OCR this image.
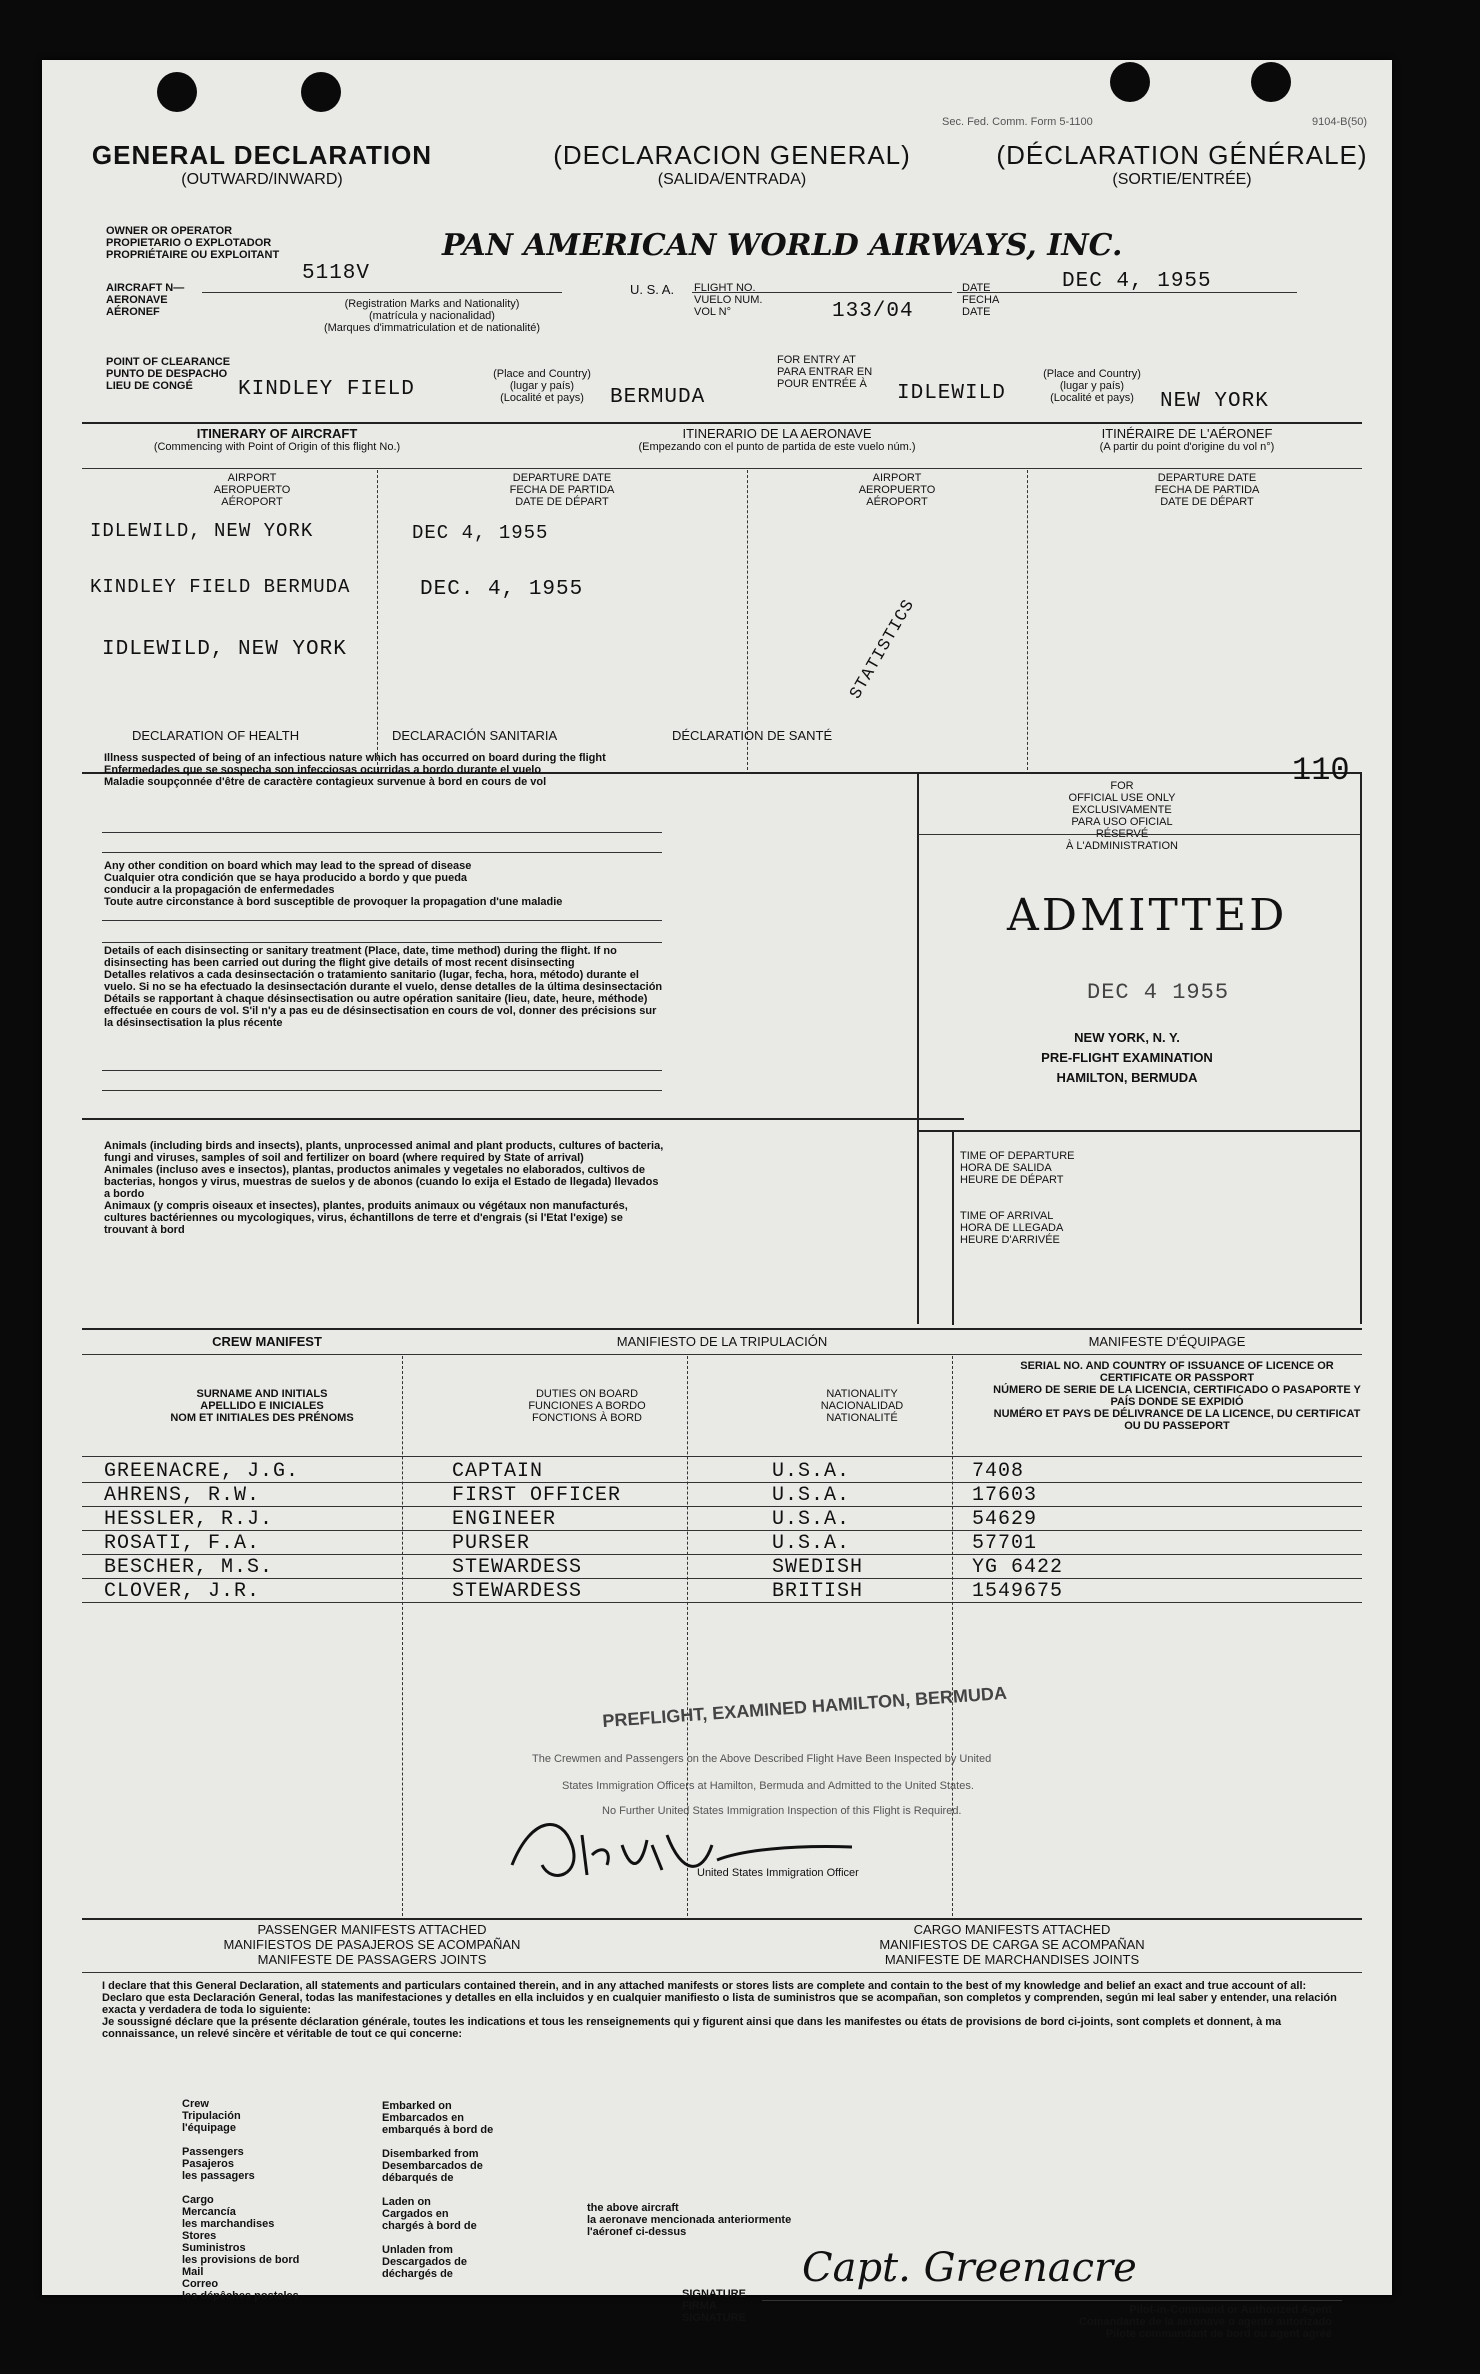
Sec. Fed. Comm. Form 5-1100	9104-B(50)
GENERAL DECLARATION
(OUTWARD/INWARD)
(DECLARACION GENERAL)
(SALIDA/ENTRADA)
(DÉCLARATION GÉNÉRALE)
(SORTIE/ENTRÉE)
OWNER OR OPERATOR
PROPIETARIO O EXPLOTADOR
PROPRIÉTAIRE OU EXPLOITANT	PAN AMERICAN WORLD AIRWAYS, INC.
AIRCRAFT N—
AERONAVE
AÉRONEF
5118V
(Registration Marks and Nationality)
(matrícula y nacionalidad)
(Marques d'immatriculation et de nationalité)
U. S. A. FLIGHT NO.
VUELO NUM.
VOL N°	133/04
DATE
FECHA
DATE
DEC 4, 1955
POINT OF CLEARANCE
PUNTO DE DESPACHO
LIEU DE CONGÉ	KINDLEY FIELD
(Place and Country)
(lugar y país)
(Localité et pays)	BERMUDA
FOR ENTRY AT
PARA ENTRAR EN
POUR ENTRÉE À IDLEWILD
(Place and Country)
(lugar y país)
(Localité et pays)	NEW YORK
ITINERARY OF AIRCRAFT
(Commencing with Point of Origin of this flight No.)
ITINERARIO DE LA AERONAVE
(Empezando con el punto de partida de este vuelo núm.)
ITINÉRAIRE DE L'AÉRONEF
(A partir du point d'origine du vol n°)
AIRPORT
AEROPUERTO
AÉROPORT
DEPARTURE DATE
FECHA DE PARTIDA
DATE DE DÉPART
AIRPORT
AEROPUERTO
AÉROPORT
DEPARTURE DATE
FECHA DE PARTIDA
DATE DE DÉPART
IDLEWILD, NEW YORK	DEC 4, 1955
KINDLEY FIELD BERMUDA	DEC. 4, 1955
IDLEWILD, NEW YORK	STATISTICS
DECLARATION OF HEALTH	DECLARACIÓN SANITARIA	DÉCLARATION DE SANTÉ
Illness suspected of being of an infectious nature which has occurred on board during the flight
Enfermedades que se sospecha son infecciosas ocurridas a bordo durante el vuelo
Maladie soupçonnée d'être de caractère contagieux survenue à bord en cours de vol
Any other condition on board which may lead to the spread of disease
Cualquier otra condición que se haya producido a bordo y que pueda
conducir a la propagación de enfermedades
Toute autre circonstance à bord susceptible de provoquer la propagation d'une maladie
Details of each disinsecting or sanitary treatment (Place, date, time method) during the flight. If no disinsecting has been carried out during the flight give details of most recent disinsecting
Detalles relativos a cada desinsectación o tratamiento sanitario (lugar, fecha, hora, método) durante el vuelo. Si no se ha efectuado la desinsectación durante el vuelo, dense detalles de la última desinsectación
Détails se rapportant à chaque désinsectisation ou autre opération sanitaire (lieu, date, heure, méthode) effectuée en cours de vol. S'il n'y a pas eu de désinsectisation en cours de vol, donner des précisions sur la désinsectisation la plus récente
Animals (including birds and insects), plants, unprocessed animal and plant products, cultures of bacteria, fungi and viruses, samples of soil and fertilizer on board (where required by State of arrival)
Animales (incluso aves e insectos), plantas, productos animales y vegetales no elaborados, cultivos de bacterias, hongos y virus, muestras de suelos y de abonos (cuando lo exija el Estado de llegada) llevados a bordo
Animaux (y compris oiseaux et insectes), plantes, produits animaux ou végétaux non manufacturés, cultures bactériennes ou mycologiques, virus, échantillons de terre et d'engrais (si l'Etat l'exige) se trouvant à bord
FOR
OFFICIAL USE ONLY
EXCLUSIVAMENTE
PARA USO OFICIAL
RÉSERVÉ
À L'ADMINISTRATION
110
ADMITTED
DEC 4 1955
NEW YORK, N. Y.
PRE-FLIGHT EXAMINATION
HAMILTON, BERMUDA
TIME OF DEPARTURE
HORA DE SALIDA
HEURE DE DÉPART
TIME OF ARRIVAL
HORA DE LLEGADA
HEURE D'ARRIVÉE
CREW MANIFEST	MANIFIESTO DE LA TRIPULACIÓN	MANIFESTE D'ÉQUIPAGE
SURNAME AND INITIALS
APELLIDO E INICIALES
NOM ET INITIALES DES PRÉNOMS
DUTIES ON BOARD
FUNCIONES A BORDO
FONCTIONS À BORD
NATIONALITY
NACIONALIDAD
NATIONALITÉ
SERIAL NO. AND COUNTRY OF ISSUANCE OF LICENCE OR CERTIFICATE OR PASSPORT
NÚMERO DE SERIE DE LA LICENCIA, CERTIFICADO O PASAPORTE Y PAÍS DONDE SE EXPIDIÓ
NUMÉRO ET PAYS DE DÉLIVRANCE DE LA LICENCE, DU CERTIFICAT OU DU PASSEPORT
GREENACRE, J.G.	CAPTAIN	U.S.A.	7408
AHRENS, R.W.	FIRST OFFICER	U.S.A.	17603
HESSLER, R.J.	ENGINEER	U.S.A.	54629
ROSATI, F.A.	PURSER	U.S.A.	57701
BESCHER, M.S.	STEWARDESS	SWEDISH	YG 6422
CLOVER, J.R.	STEWARDESS	BRITISH	1549675
PREFLIGHT, EXAMINED HAMILTON, BERMUDA
The Crewmen and Passengers on the Above Described Flight Have Been Inspected by United
States Immigration Officers at Hamilton, Bermuda and Admitted to the United States.
No Further United States Immigration Inspection of this Flight is Required.
United States Immigration Officer
PASSENGER MANIFESTS ATTACHED
MANIFIESTOS DE PASAJEROS SE ACOMPAÑAN
MANIFESTE DE PASSAGERS JOINTS
CARGO MANIFESTS ATTACHED
MANIFIESTOS DE CARGA SE ACOMPAÑAN
MANIFESTE DE MARCHANDISES JOINTS
I declare that this General Declaration, all statements and particulars contained therein, and in any attached manifests or stores lists are complete and contain to the best of my knowledge and belief an exact and true account of all:
Declaro que esta Declaración General, todas las manifestaciones y detalles en ella incluidos y en cualquier manifiesto o lista de suministros que se acompañan, son completos y comprenden, según mi leal saber y entender, una relación exacta y verdadera de toda lo siguiente:
Je soussigné déclare que la présente déclaration générale, toutes les indications et tous les renseignements qui y figurent ainsi que dans les manifestes ou états de provisions de bord ci-joints, sont complets et donnent, à ma connaissance, un relevé sincère et véritable de tout ce qui concerne:
Crew
Tripulación
l'équipage

Passengers
Pasajeros
les passagers

Cargo
Mercancía
les marchandises
Stores
Suministros
les provisions de bord
Mail
Correo
les dépêches postales
Embarked on
Embarcados en
embarqués à bord de

Disembarked from
Desembarcados de
débarqués de

Laden on
Cargados en
chargés à bord de

Unladen from
Descargados de
déchargés de
the above aircraft
la aeronave mencionada anteriormente
l'aéronef ci-dessus
SIGNATURE
FIRMA
SIGNATURE
Capt. Greenacre
Pilot-in-Command or Authorized Agent
Comandante de la aeronave o agente autorizado
Pilote commandant de bord ou agent agréé
